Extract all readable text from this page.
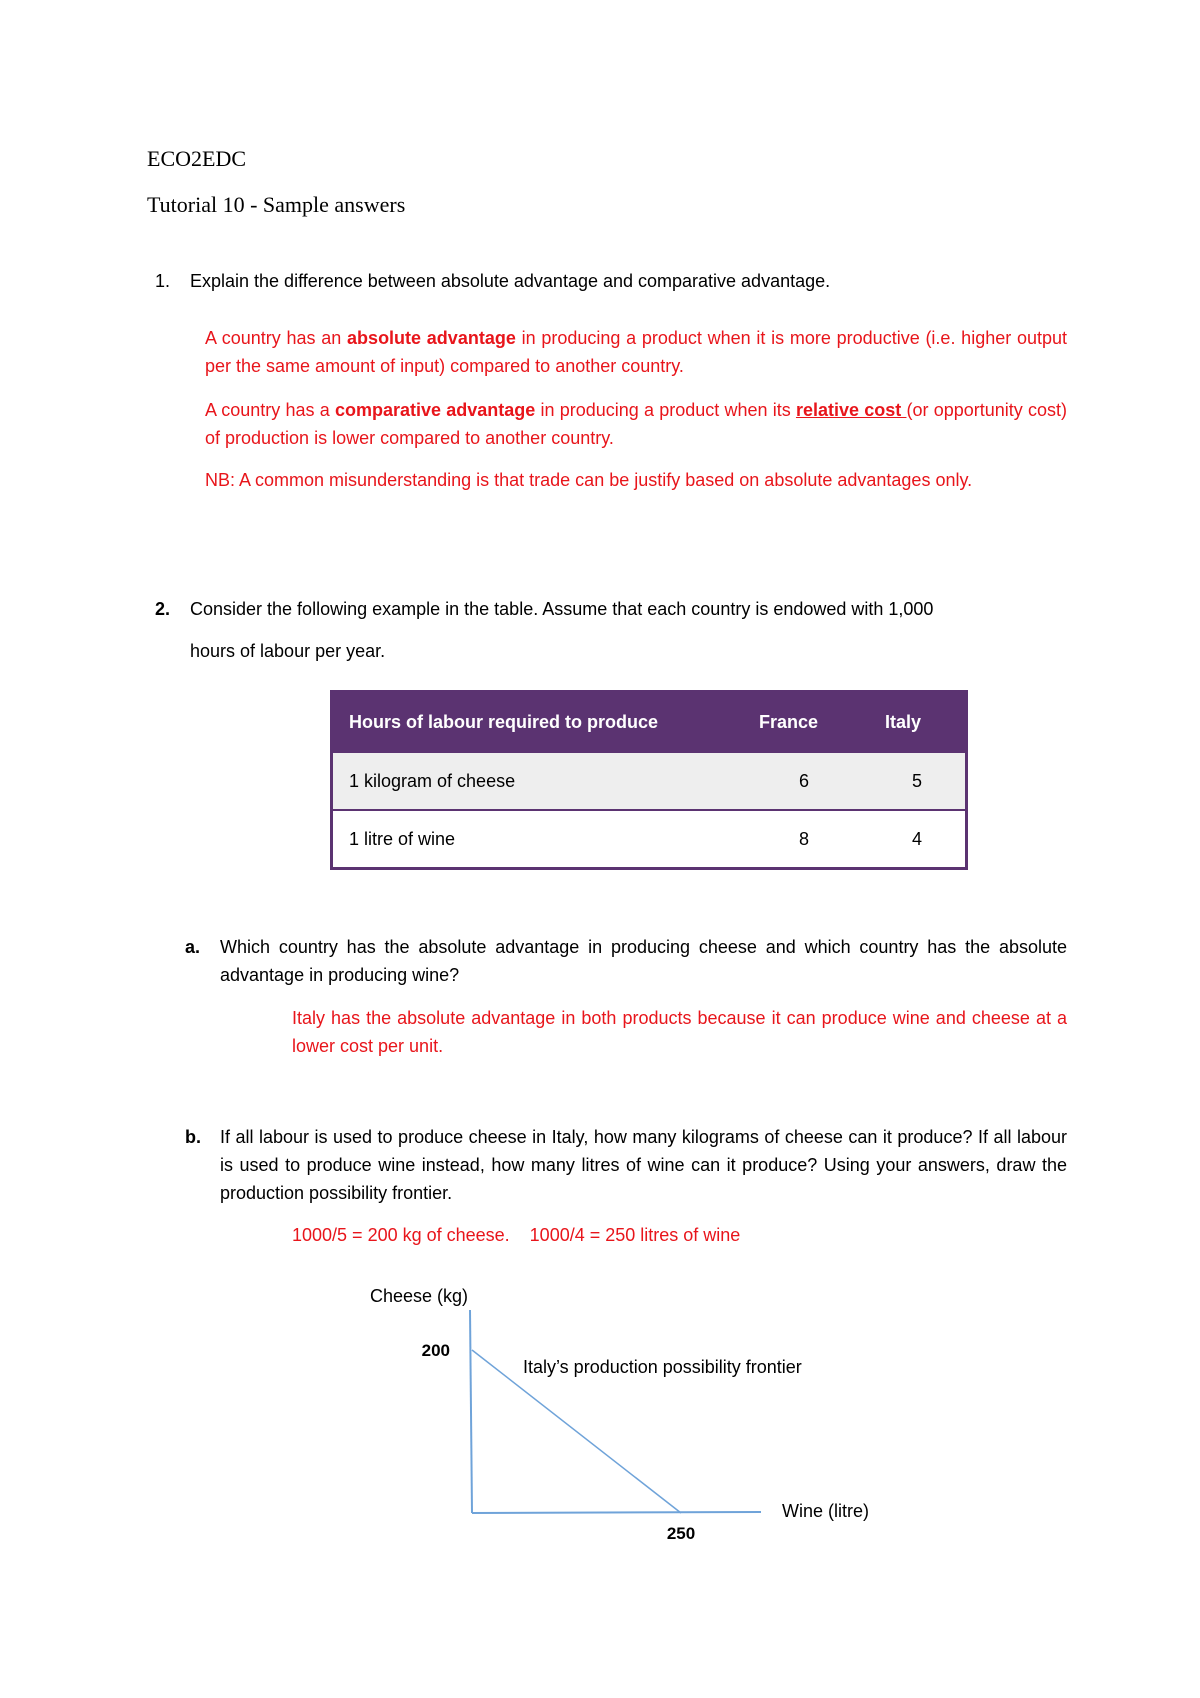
ECO2EDC
Tutorial 10 - Sample answers
1. Explain the difference between absolute advantage and comparative advantage.
A country has an absolute advantage in producing a product when it is more productive (i.e. higher output per the same amount of input) compared to another country.
A country has a comparative advantage in producing a product when its relative cost (or opportunity cost) of production is lower compared to another country.
NB: A common misunderstanding is that trade can be justify based on absolute advantages only.
2. Consider the following example in the table. Assume that each country is endowed with 1,000
hours of labour per year.
Hours of labour required to produce	France	Italy
1 kilogram of cheese	6	5
1 litre of wine	8	4
a. Which country has the absolute advantage in producing cheese and which country has the absolute advantage in producing wine?
Italy has the absolute advantage in both products because it can produce wine and cheese at a lower cost per unit.
b. If all labour is used to produce cheese in Italy, how many kilograms of cheese can it produce? If all labour is used to produce wine instead, how many litres of wine can it produce? Using your answers, draw the production possibility frontier.
1000/5 = 200 kg of cheese.    1000/4 = 250 litres of wine
Cheese (kg)
200
250
Italy’s production possibility frontier
Wine (litre)
